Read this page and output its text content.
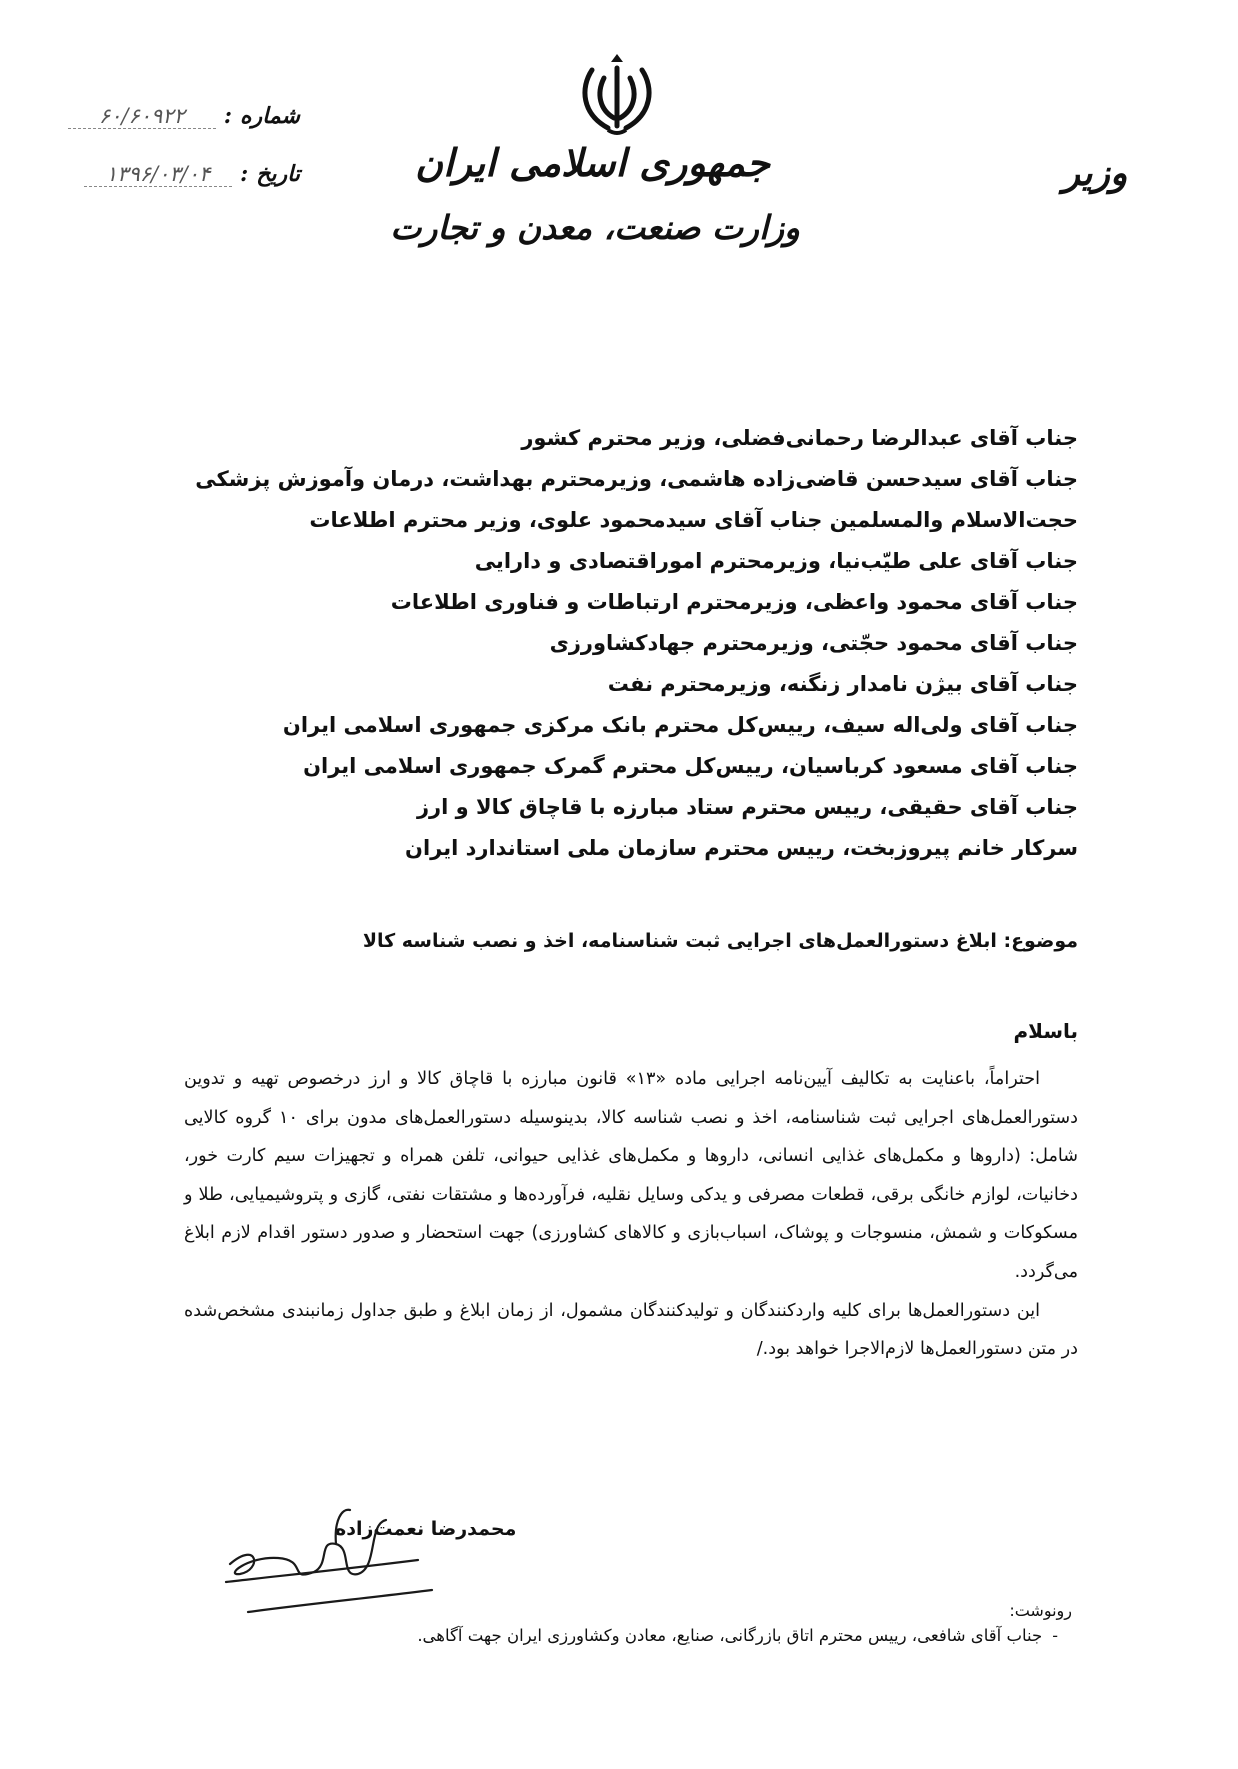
جمهوری اسلامی ایران
وزارت صنعت، معدن و تجارت
وزیر
شماره
:
۶۰/۶۰۹۲۲
تاریخ
:
۱۳۹۶/۰۳/۰۴
جناب آقای عبدالرضا رحمانی‌فضلی، وزیر محترم کشور
جناب آقای سیدحسن قاضی‌زاده هاشمی، وزیرمحترم بهداشت، درمان وآموزش پزشکی
حجت‌الاسلام والمسلمین جناب آقای سیدمحمود علوی، وزیر محترم اطلاعات
جناب آقای علی طیّب‌نیا، وزیرمحترم اموراقتصادی و دارایی
جناب آقای محمود واعظی، وزیرمحترم ارتباطات و فناوری اطلاعات
جناب آقای محمود حجّتی، وزیرمحترم جهادکشاورزی
جناب آقای بیژن نامدار زنگنه، وزیرمحترم نفت
جناب آقای ولی‌اله سیف، رییس‌کل محترم بانک مرکزی جمهوری اسلامی ایران
جناب آقای مسعود کرباسیان، رییس‌کل محترم گمرک جمهوری اسلامی ایران
جناب آقای حقیقی، رییس محترم ستاد مبارزه با قاچاق کالا و ارز
سرکار خانم پیروزبخت، رییس محترم سازمان ملی استاندارد ایران
موضوع: ابلاغ دستورالعمل‌های اجرایی ثبت شناسنامه، اخذ و نصب شناسه کالا
باسلام

احتراماً، باعنایت به تکالیف آیین‌نامه اجرایی ماده «۱۳» قانون مبارزه با قاچاق کالا و ارز درخصوص تهیه و تدوین دستورالعمل‌های اجرایی ثبت شناسنامه، اخذ و نصب شناسه کالا، بدینوسیله دستورالعمل‌های مدون برای ۱۰ گروه کالایی شامل: (داروها و مکمل‌های غذایی انسانی، داروها و مکمل‌های غذایی حیوانی، تلفن همراه و تجهیزات سیم کارت خور، دخانیات، لوازم خانگی برقی، قطعات مصرفی و یدکی وسایل نقلیه، فرآورده‌ها و مشتقات نفتی، گازی و پتروشیمیایی، طلا و مسکوکات و شمش، منسوجات و پوشاک، اسباب‌بازی و کالاهای کشاورزی) جهت استحضار و صدور دستور اقدام لازم ابلاغ می‌گردد.

این دستورالعمل‌ها برای کلیه واردکنندگان و تولیدکنندگان مشمول، از زمان ابلاغ و طبق جداول زمانبندی مشخص‌شده در متن دستورالعمل‌ها لازم‌الاجرا خواهد بود./

محمدرضا نعمت‌زاده
رونوشت:
-
جناب آقای شافعی، رییس محترم اتاق بازرگانی، صنایع، معادن وکشاورزی ایران جهت آگاهی.
